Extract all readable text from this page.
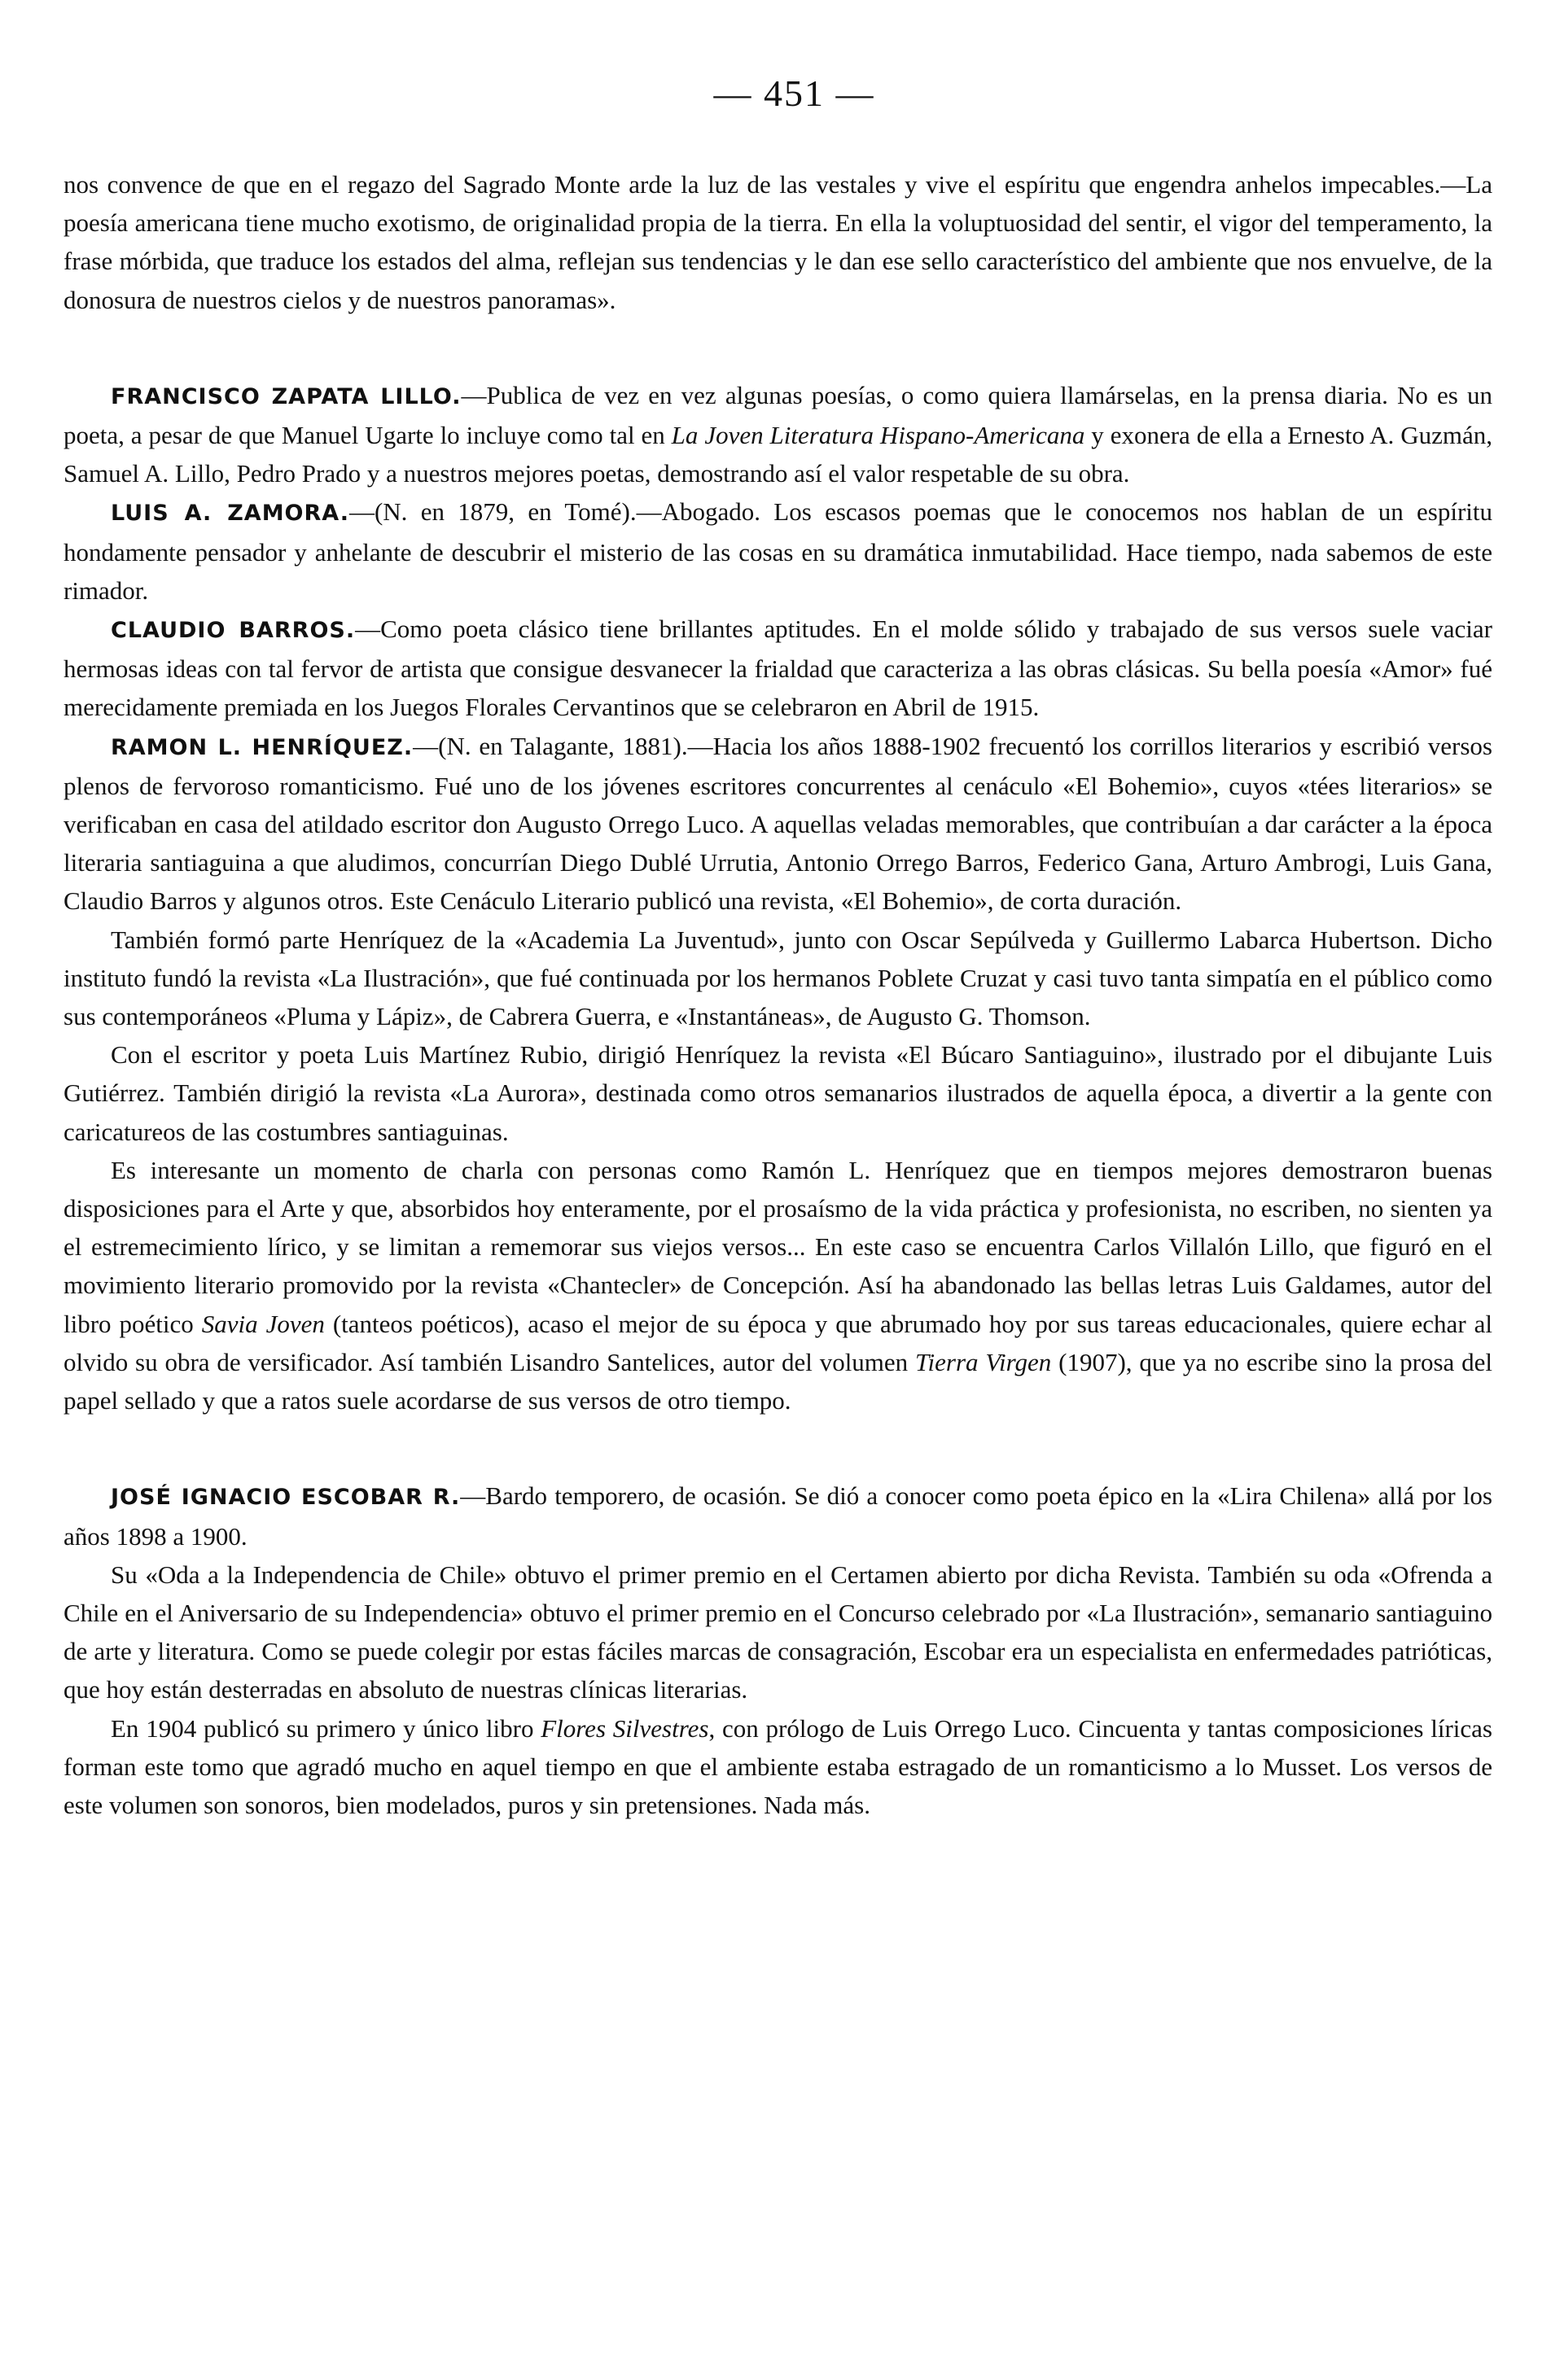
— 451 —

nos convence de que en el regazo del Sagrado Monte arde la luz de las vestales y vive el espíritu que engendra anhelos impecables.—La poesía americana tiene mucho exotismo, de originalidad propia de la tierra. En ella la voluptuosidad del sentir, el vigor del temperamento, la frase mórbida, que traduce los estados del alma, reflejan sus tendencias y le dan ese sello característico del ambiente que nos envuelve, de la donosura de nuestros cielos y de nuestros panoramas».

FRANCISCO ZAPATA LILLO.—Publica de vez en vez algunas poesías, o como quiera llamárselas, en la prensa diaria. No es un poeta, a pesar de que Manuel Ugarte lo incluye como tal en La Joven Literatura Hispano-Americana y exonera de ella a Ernesto A. Guzmán, Samuel A. Lillo, Pedro Prado y a nuestros mejores poetas, demostrando así el valor respetable de su obra.

LUIS A. ZAMORA.—(N. en 1879, en Tomé).—Abogado. Los escasos poemas que le conocemos nos hablan de un espíritu hondamente pensador y anhelante de descubrir el misterio de las cosas en su dramática inmutabilidad. Hace tiempo, nada sabemos de este rimador.

CLAUDIO BARROS.—Como poeta clásico tiene brillantes aptitudes. En el molde sólido y trabajado de sus versos suele vaciar hermosas ideas con tal fervor de artista que consigue desvanecer la frialdad que caracteriza a las obras clásicas. Su bella poesía «Amor» fué merecidamente premiada en los Juegos Florales Cervantinos que se celebraron en Abril de 1915.

RAMON L. HENRÍQUEZ.—(N. en Talagante, 1881).—Hacia los años 1888-1902 frecuentó los corrillos literarios y escribió versos plenos de fervoroso romanticismo. Fué uno de los jóvenes escritores concurrentes al cenáculo «El Bohemio», cuyos «tées literarios» se verificaban en casa del atildado escritor don Augusto Orrego Luco. A aquellas veladas memorables, que contribuían a dar carácter a la época literaria santiaguina a que aludimos, concurrían Diego Dublé Urrutia, Antonio Orrego Barros, Federico Gana, Arturo Ambrogi, Luis Gana, Claudio Barros y algunos otros. Este Cenáculo Literario publicó una revista, «El Bohemio», de corta duración.

También formó parte Henríquez de la «Academia La Juventud», junto con Oscar Sepúlveda y Guillermo Labarca Hubertson. Dicho instituto fundó la revista «La Ilustración», que fué continuada por los hermanos Poblete Cruzat y casi tuvo tanta simpatía en el público como sus contemporáneos «Pluma y Lápiz», de Cabrera Guerra, e «Instantáneas», de Augusto G. Thomson.

Con el escritor y poeta Luis Martínez Rubio, dirigió Henríquez la revista «El Búcaro Santiaguino», ilustrado por el dibujante Luis Gutiérrez. También dirigió la revista «La Aurora», destinada como otros semanarios ilustrados de aquella época, a divertir a la gente con caricatureos de las costumbres santiaguinas.

Es interesante un momento de charla con personas como Ramón L. Henríquez que en tiempos mejores demostraron buenas disposiciones para el Arte y que, absorbidos hoy enteramente, por el prosaísmo de la vida práctica y profesionista, no escriben, no sienten ya el estremecimiento lírico, y se limitan a rememorar sus viejos versos... En este caso se encuentra Carlos Villalón Lillo, que figuró en el movimiento literario promovido por la revista «Chantecler» de Concepción. Así ha abandonado las bellas letras Luis Galdames, autor del libro poético Savia Joven (tanteos poéticos), acaso el mejor de su época y que abrumado hoy por sus tareas educacionales, quiere echar al olvido su obra de versificador. Así también Lisandro Santelices, autor del volumen Tierra Virgen (1907), que ya no escribe sino la prosa del papel sellado y que a ratos suele acordarse de sus versos de otro tiempo.

JOSÉ IGNACIO ESCOBAR R.—Bardo temporero, de ocasión. Se dió a conocer como poeta épico en la «Lira Chilena» allá por los años 1898 a 1900.

Su «Oda a la Independencia de Chile» obtuvo el primer premio en el Certamen abierto por dicha Revista. También su oda «Ofrenda a Chile en el Aniversario de su Independencia» obtuvo el primer premio en el Concurso celebrado por «La Ilustración», semanario santiaguino de arte y literatura. Como se puede colegir por estas fáciles marcas de consagración, Escobar era un especialista en enfermedades patrióticas, que hoy están desterradas en absoluto de nuestras clínicas literarias.

En 1904 publicó su primero y único libro Flores Silvestres, con prólogo de Luis Orrego Luco. Cincuenta y tantas composiciones líricas forman este tomo que agradó mucho en aquel tiempo en que el ambiente estaba estragado de un romanticismo a lo Musset. Los versos de este volumen son sonoros, bien modelados, puros y sin pretensiones. Nada más.
